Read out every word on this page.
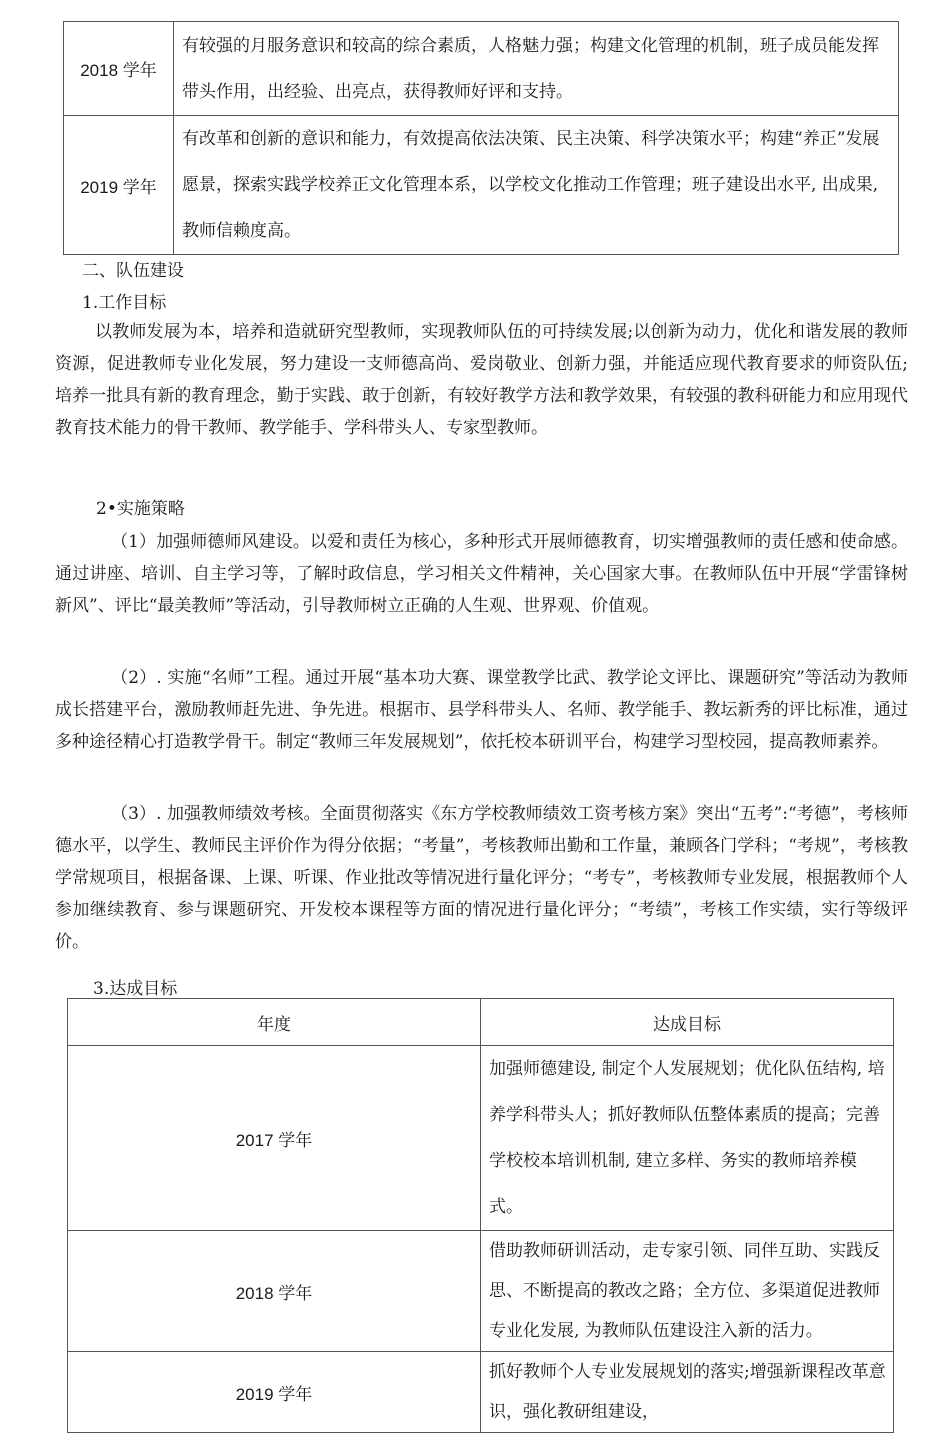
2018 学年	有较强的月服务意识和较高的综合素质，人格魅力强；构建文化管理的机制，班子成员能发挥带头作用，出经验、出亮点，获得教师好评和支持。
2019 学年	有改革和创新的意识和能力，有效提高依法决策、民主决策、科学决策水平；构建“养正”发展愿景，探索实践学校养正文化管理本系，以学校文化推动工作管理；班子建设出水平, 出成果, 教师信赖度高。
二、队伍建设
1.工作目标
以教师发展为本，培养和造就研究型教师，实现教师队伍的可持续发展;以创新为动力，优化和谐发展的教师资源，促进教师专业化发展，努力建设一支师德高尚、爱岗敬业、创新力强，并能适应现代教育要求的师资队伍;培养一批具有新的教育理念，勤于实践、敢于创新，有较好教学方法和教学效果，有较强的教科研能力和应用现代教育技术能力的骨干教师、教学能手、学科带头人、专家型教师。
2•实施策略
（1）加强师德师风建设。以爱和责任为核心，多种形式开展师德教育，切实增强教师的责任感和使命感。通过讲座、培训、自主学习等，了解时政信息，学习相关文件精神，关心国家大事。在教师队伍中开展“学雷锋树新风”、评比“最美教师”等活动，引导教师树立正确的人生观、世界观、价值观。
（2）. 实施“名师”工程。通过开展“基本功大赛、课堂教学比武、教学论文评比、课题研究”等活动为教师成长搭建平台，激励教师赶先进、争先进。根据市、县学科带头人、名师、教学能手、教坛新秀的评比标准，通过多种途径精心打造教学骨干。制定“教师三年发展规划”，依托校本研训平台，构建学习型校园，提高教师素养。
（3）. 加强教师绩效考核。全面贯彻落实《东方学校教师绩效工资考核方案》突出“五考”:“考德”，考核师德水平，以学生、教师民主评价作为得分依据；“考量”，考核教师出勤和工作量，兼顾各门学科；“考规”，考核教学常规项目，根据备课、上课、听课、作业批改等情况进行量化评分；“考专”，考核教师专业发展，根据教师个人参加继续教育、参与课题研究、开发校本课程等方面的情况进行量化评分；“考绩”，考核工作实绩，实行等级评价。
3.达成目标
年度	达成目标
2017 学年	加强师德建设, 制定个人发展规划；优化队伍结构, 培养学科带头人；抓好教师队伍整体素质的提高；完善学校校本培训机制, 建立多样、务实的教师培养模式。
2018 学年	借助教师研训活动，走专家引领、同伴互助、实践反思、不断提高的教改之路；全方位、多渠道促进教师专业化发展, 为教师队伍建设注入新的活力。
2019 学年	抓好教师个人专业发展规划的落实;增强新课程改革意识，强化教研组建设，
